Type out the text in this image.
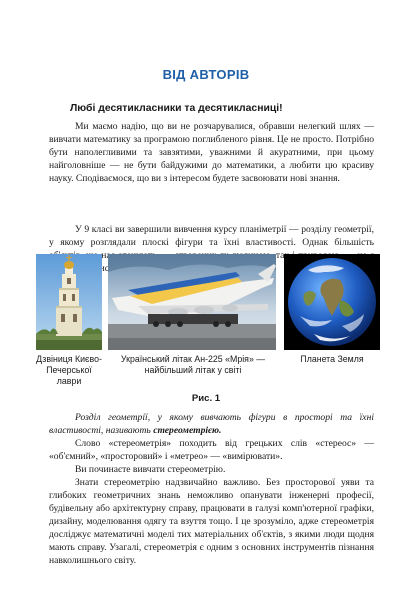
ВІД АВТОРІВ
Любі десятикласники та десятикласниці!

Ми маємо надію, що ви не розчарувалися, обравши нелегкий шлях — вивчати математику за програмою поглибленого рівня. Це не просто. Потрібно бути наполегливими та завзятими, уважними й акуратними, при цьому найголовніше — не бути байдужими до математики, а любити цю красиву науку. Сподіваємося, що ви з інтересом будете засвоювати нові знання.

У 9 класі ви завершили вивчення курсу планіметрії — розділу геометрії, у якому розглядали плоскі фігури та їхні властивості. Однак більшість так

Дзвіниця Києво-Печерської лаври
Український літак Ан-225 «Мрія» — найбільший літак у світі
Планета Земля
Рис. 1

Розділ геометрії, у якому вивчають фігури в просторі та їхні властивості, називають стереометрією.

Слово «стереометрія» походить від грецьких слів «стереос» — «об'ємний», «просторовий» і «метрео» — «вимірювати».

Ви починаєте вивчати стереометрію.

Знати стереометрію надзвичайно важливо. Без просторової уяви та глибоких геометричних знань неможливо опанувати інженерні професії, будівельну або архітектурну справу, працювати в галузі комп'ютерної графіки, дизайну, моделювання одягу та взуття тощо. І це зрозуміло, адже стереометрія досліджує математичні моделі тих матеріальних об'єктів, з якими люди щодня мають справу. Узагалі, стереометрія є одним з основних інструментів пізнання навколишнього світу.
